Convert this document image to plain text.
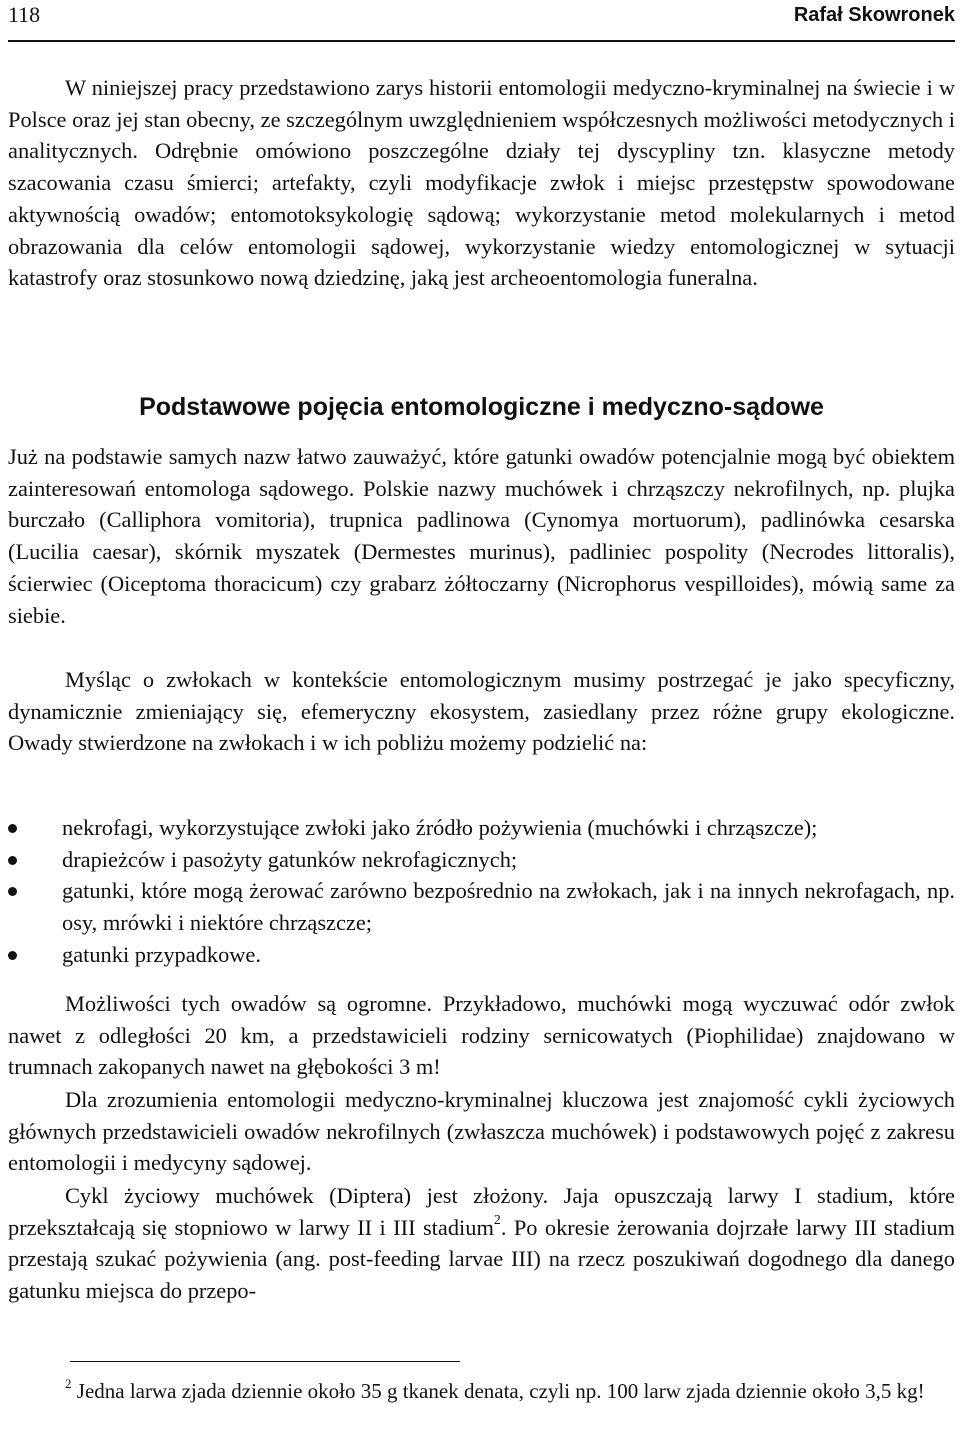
118	Rafał Skowronek

W niniejszej pracy przedstawiono zarys historii entomologii medyczno-kryminalnej na świecie i w Polsce oraz jej stan obecny, ze szczególnym uwzględnieniem współczesnych możliwości metodycznych i analitycznych. Odrębnie omówiono poszczególne działy tej dyscypliny tzn. klasyczne metody szacowania czasu śmierci; artefakty, czyli modyfikacje zwłok i miejsc przestępstw spowodowane aktywnością owadów; entomotoksykologię sądową; wykorzystanie metod molekularnych i metod obrazowania dla celów entomologii sądowej, wykorzystanie wiedzy entomologicznej w sytuacji katastrofy oraz stosunkowo nową dziedzinę, jaką jest archeoentomologia funeralna.

Podstawowe pojęcia entomologiczne i medyczno-sądowe

Już na podstawie samych nazw łatwo zauważyć, które gatunki owadów potencjalnie mogą być obiektem zainteresowań entomologa sądowego. Polskie nazwy muchówek i chrząszczy nekrofilnych, np. plujka burczało (Calliphora vomitoria), trupnica padlinowa (Cynomya mortuorum), padlinówka cesarska (Lucilia caesar), skórnik myszatek (Dermestes murinus), padliniec pospolity (Necrodes littoralis), ścierwiec (Oiceptoma thoracicum) czy grabarz żółtoczarny (Nicrophorus vespilloides), mówią same za siebie.

Myśląc o zwłokach w kontekście entomologicznym musimy postrzegać je jako specyficzny, dynamicznie zmieniający się, efemeryczny ekosystem, zasiedlany przez różne grupy ekologiczne. Owady stwierdzone na zwłokach i w ich pobliżu możemy podzielić na:

nekrofagi, wykorzystujące zwłoki jako źródło pożywienia (muchówki i chrząszcze);
drapieżców i pasożyty gatunków nekrofagicznych;
gatunki, które mogą żerować zarówno bezpośrednio na zwłokach, jak i na innych nekrofagach, np. osy, mrówki i niektóre chrząszcze;
gatunki przypadkowe.

Możliwości tych owadów są ogromne. Przykładowo, muchówki mogą wyczuwać odór zwłok nawet z odległości 20 km, a przedstawicieli rodziny sernicowatych (Piophilidae) znajdowano w trumnach zakopanych nawet na głębokości 3 m!

Dla zrozumienia entomologii medyczno-kryminalnej kluczowa jest znajomość cykli życiowych głównych przedstawicieli owadów nekrofilnych (zwłaszcza muchówek) i podstawowych pojęć z zakresu entomologii i medycyny sądowej.

Cykl życiowy muchówek (Diptera) jest złożony. Jaja opuszczają larwy I stadium, które przekształcają się stopniowo w larwy II i III stadium$^2$. Po okresie żerowania dojrzałe larwy III stadium przestają szukać pożywienia (ang. post-feeding larvae III) na rzecz poszukiwań dogodnego dla danego gatunku miejsca do przepo-

$^2$ Jedna larwa zjada dziennie około 35 g tkanek denata, czyli np. 100 larw zjada dziennie około 3,5 kg!
